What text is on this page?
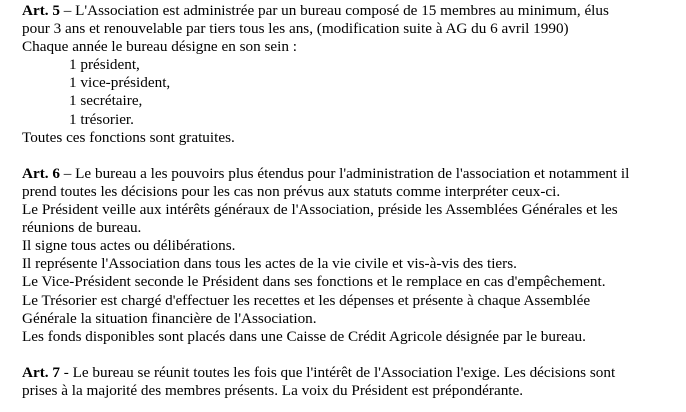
Art. 5 – L'Association est administrée par un bureau composé de 15 membres au minimum, élus
pour 3 ans et renouvelable par tiers tous les ans, (modification suite à AG du 6 avril 1990)
Chaque année le bureau désigne en son sein :
1 président,
1 vice-président,
1 secrétaire,
1 trésorier.
Toutes ces fonctions sont gratuites.
Art. 6 – Le bureau a les pouvoirs plus étendus pour l'administration de l'association et notamment il
prend toutes les décisions pour les cas non prévus aux statuts comme interpréter ceux-ci.
Le Président veille aux intérêts généraux de l'Association, préside les Assemblées Générales et les
réunions de bureau.
Il signe tous actes ou délibérations.
Il représente l'Association dans tous les actes de la vie civile et vis-à-vis des tiers.
Le Vice-Président seconde le Président dans ses fonctions et le remplace en cas d'empêchement.
Le Trésorier est chargé d'effectuer les recettes et les dépenses et présente à chaque Assemblée
Générale la situation financière de l'Association.
Les fonds disponibles sont placés dans une Caisse de Crédit Agricole désignée par le bureau.
Art. 7 - Le bureau se réunit toutes les fois que l'intérêt de l'Association l'exige. Les décisions sont
prises à la majorité des membres présents. La voix du Président est prépondérante.
